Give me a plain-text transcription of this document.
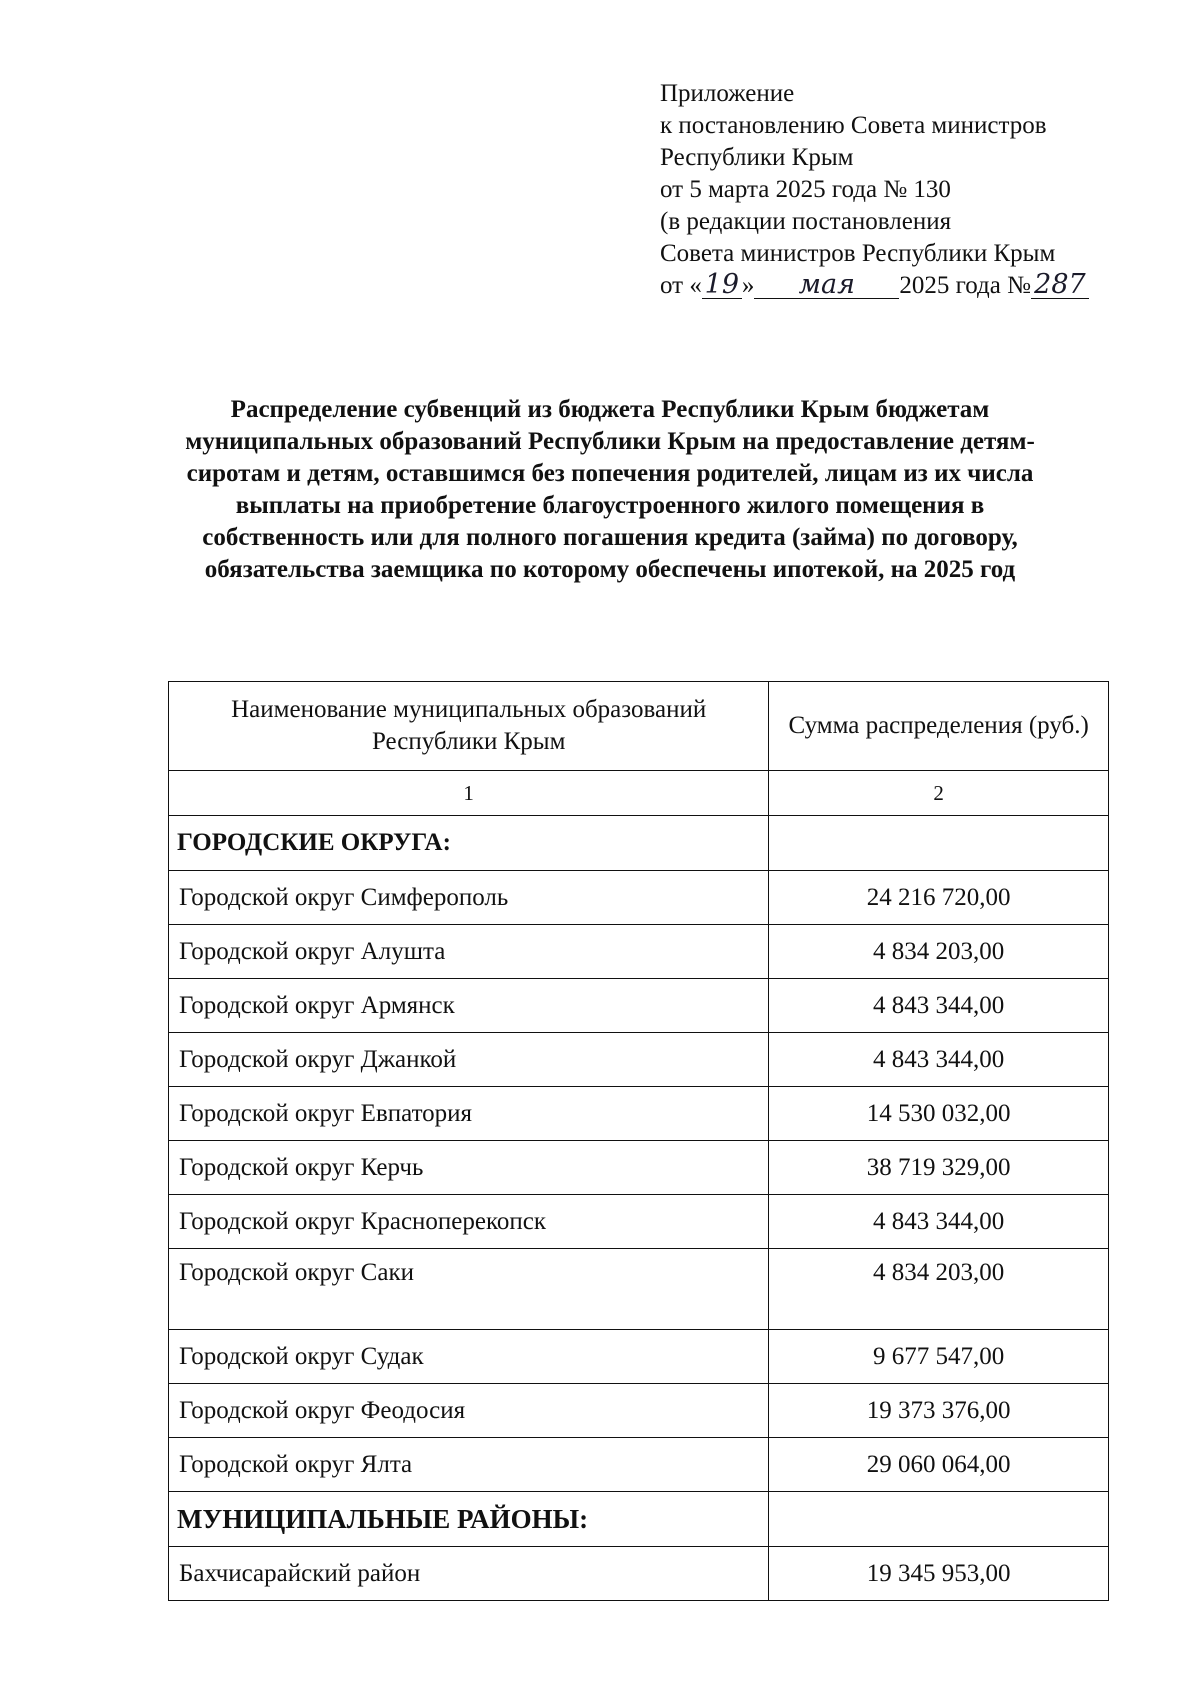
Приложение
к постановлению Совета министров
Республики Крым
от 5 марта 2025 года № 130
(в редакции постановления
Совета министров Республики Крым
от « 19 » мая 2025 года № 287
Распределение субвенций из бюджета Республики Крым бюджетам муниципальных образований Республики Крым на предоставление детям-сиротам и детям, оставшимся без попечения родителей, лицам из их числа выплаты на приобретение благоустроенного жилого помещения в собственность или для полного погашения кредита (займа) по договору, обязательства заемщика по которому обеспечены ипотекой, на 2025 год
Наименование муниципальных образований Республики Крым	Сумма распределения (руб.)
1	2
ГОРОДСКИЕ ОКРУГА:	
Городской округ Симферополь	24 216 720,00
Городской округ Алушта	4 834 203,00
Городской округ Армянск	4 843 344,00
Городской округ Джанкой	4 843 344,00
Городской округ Евпатория	14 530 032,00
Городской округ Керчь	38 719 329,00
Городской округ Красноперекопск	4 843 344,00
Городской округ Саки	4 834 203,00
Городской округ Судак	9 677 547,00
Городской округ Феодосия	19 373 376,00
Городской округ Ялта	29 060 064,00
МУНИЦИПАЛЬНЫЕ РАЙОНЫ:	
Бахчисарайский район	19 345 953,00
